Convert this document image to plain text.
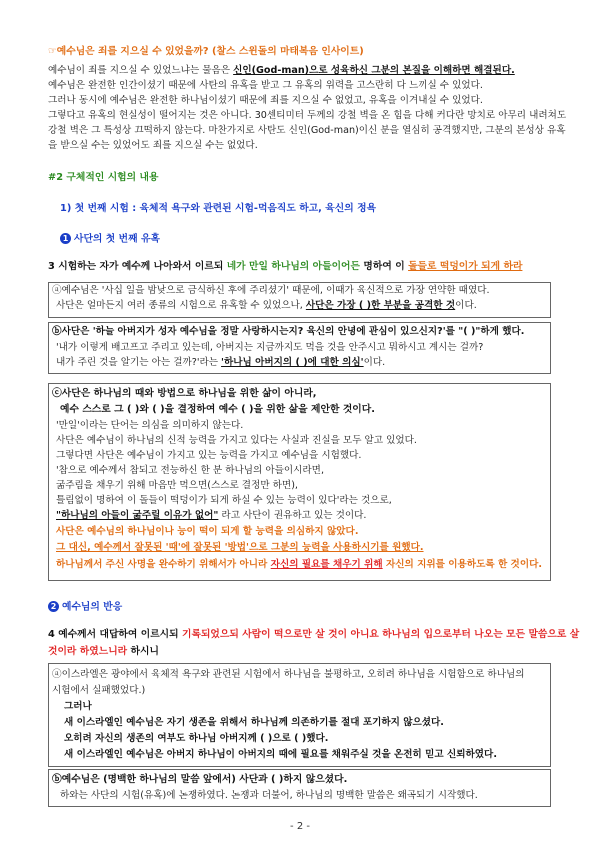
☞예수님은 죄를 지으실 수 있었을까? (찰스 스윈돌의 마태복음 인사이트)
예수님이 죄를 지으실 수 있었느냐는 물음은 신인(God-man)으로 성육하신 그분의 본질을 이해하면 해결된다.
예수님은 완전한 인간이셨기 때문에 사탄의 유혹을 받고 그 유혹의 위력을 고스란히 다 느끼실 수 있었다.
그러나 동시에 예수님은 완전한 하나님이셨기 때문에 죄를 지으실 수 없었고, 유혹을 이겨내실 수 있었다.
그렇다고 유혹의 현실성이 떨어지는 것은 아니다. 30센티미터 두께의 강철 벽을 온 힘을 다해 커다란 망치로 아무리 내려쳐도
강철 벽은 그 특성상 끄떡하지 않는다. 마찬가지로 사탄도 신인(God-man)이신 분을 열심히 공격했지만, 그분의 본성상 유혹
을 받으실 수는 있었어도 죄를 지으실 수는 없었다.
#2 구체적인 시험의 내용
1) 첫 번째 시험 : 육체적 욕구와 관련된 시험-먹음직도 하고, 육신의 정욕
1 사단의 첫 번째 유혹
3 시험하는 자가 예수께 나아와서 이르되 네가 만일 하나님의 아들이어든 명하여 이 돌들로 떡덩이가 되게 하라
ⓐ예수님은 '사십 일을 밤낮으로 금식하신 후에 주리셨기' 때문에, 이때가 육신적으로 가장 연약한 때였다.
사단은 얼마든지 여러 종류의 시험으로 유혹할 수 있었으나, 사단은 가장 ( )한 부분을 공격한 것이다.
ⓑ사단은 '하늘 아버지가 성자 예수님을 정말 사랑하시는지? 육신의 안녕에 관심이 있으신지?'를 "( )"하게 했다.
'내가 이렇게 배고프고 주리고 있는데, 아버지는 지금까지도 먹을 것을 안주시고 뭐하시고 계시는 걸까?
내가 주린 것을 알기는 아는 걸까?'라는 '하나님 아버지의 ( )에 대한 의심'이다.
ⓒ사단은 하나님의 때와 방법으로 하나님을 위한 삶이 아니라,
예수 스스로 그 ( )와 ( )을 결정하여 예수 ( )을 위한 삶을 제안한 것이다.
'만일'이라는 단어는 의심을 의미하지 않는다.
사단은 예수님이 하나님의 신적 능력을 가지고 있다는 사실과 진실을 모두 알고 있었다.
그렇다면 사단은 예수님이 가지고 있는 능력을 가지고 예수님을 시험했다.
'참으로 예수께서 참되고 전능하신 한 분 하나님의 아들이시라면,
굶주림을 채우기 위해 마음만 먹으면(스스로 결정만 하면),
틀림없이 명하여 이 돌들이 떡덩이가 되게 하실 수 있는 능력이 있다'라는 것으로,
"하나님의 아들이 굶주릴 이유가 없어" 라고 사단이 권유하고 있는 것이다.
사단은 예수님의 하나님이나 능이 떡이 되게 할 능력을 의심하지 않았다.
그 대신, 예수께서 잘못된 '때'에 잘못된 '방법'으로 그분의 능력을 사용하시기를 원했다.
하나님께서 주신 사명을 완수하기 위해서가 아니라 자신의 필요를 채우기 위해 자신의 지위를 이용하도록 한 것이다.
2 예수님의 반응
4 예수께서 대답하여 이르시되 기록되었으되 사람이 떡으로만 살 것이 아니요 하나님의 입으로부터 나오는 모든 말씀으로 살
것이라 하였느니라 하시니
ⓐ이스라엘은 광야에서 육체적 욕구와 관련된 시험에서 하나님을 불평하고, 오히려 하나님을 시험함으로 하나님의
시험에서 실패했었다.)
그러나
새 이스라엘인 예수님은 자기 생존을 위해서 하나님께 의존하기를 절대 포기하지 않으셨다.
오히려 자신의 생존의 여부도 하나님 아버지께 ( )으로 ( )했다.
새 이스라엘인 예수님은 아버지 하나님이 아버지의 때에 필요를 채워주실 것을 온전히 믿고 신뢰하였다.
ⓑ예수님은 (명백한 하나님의 말씀 앞에서) 사단과 ( )하지 않으셨다.
하와는 사단의 시험(유혹)에 논쟁하였다. 논쟁과 더불어, 하나님의 명백한 말씀은 왜곡되기 시작했다.
- 2 -
